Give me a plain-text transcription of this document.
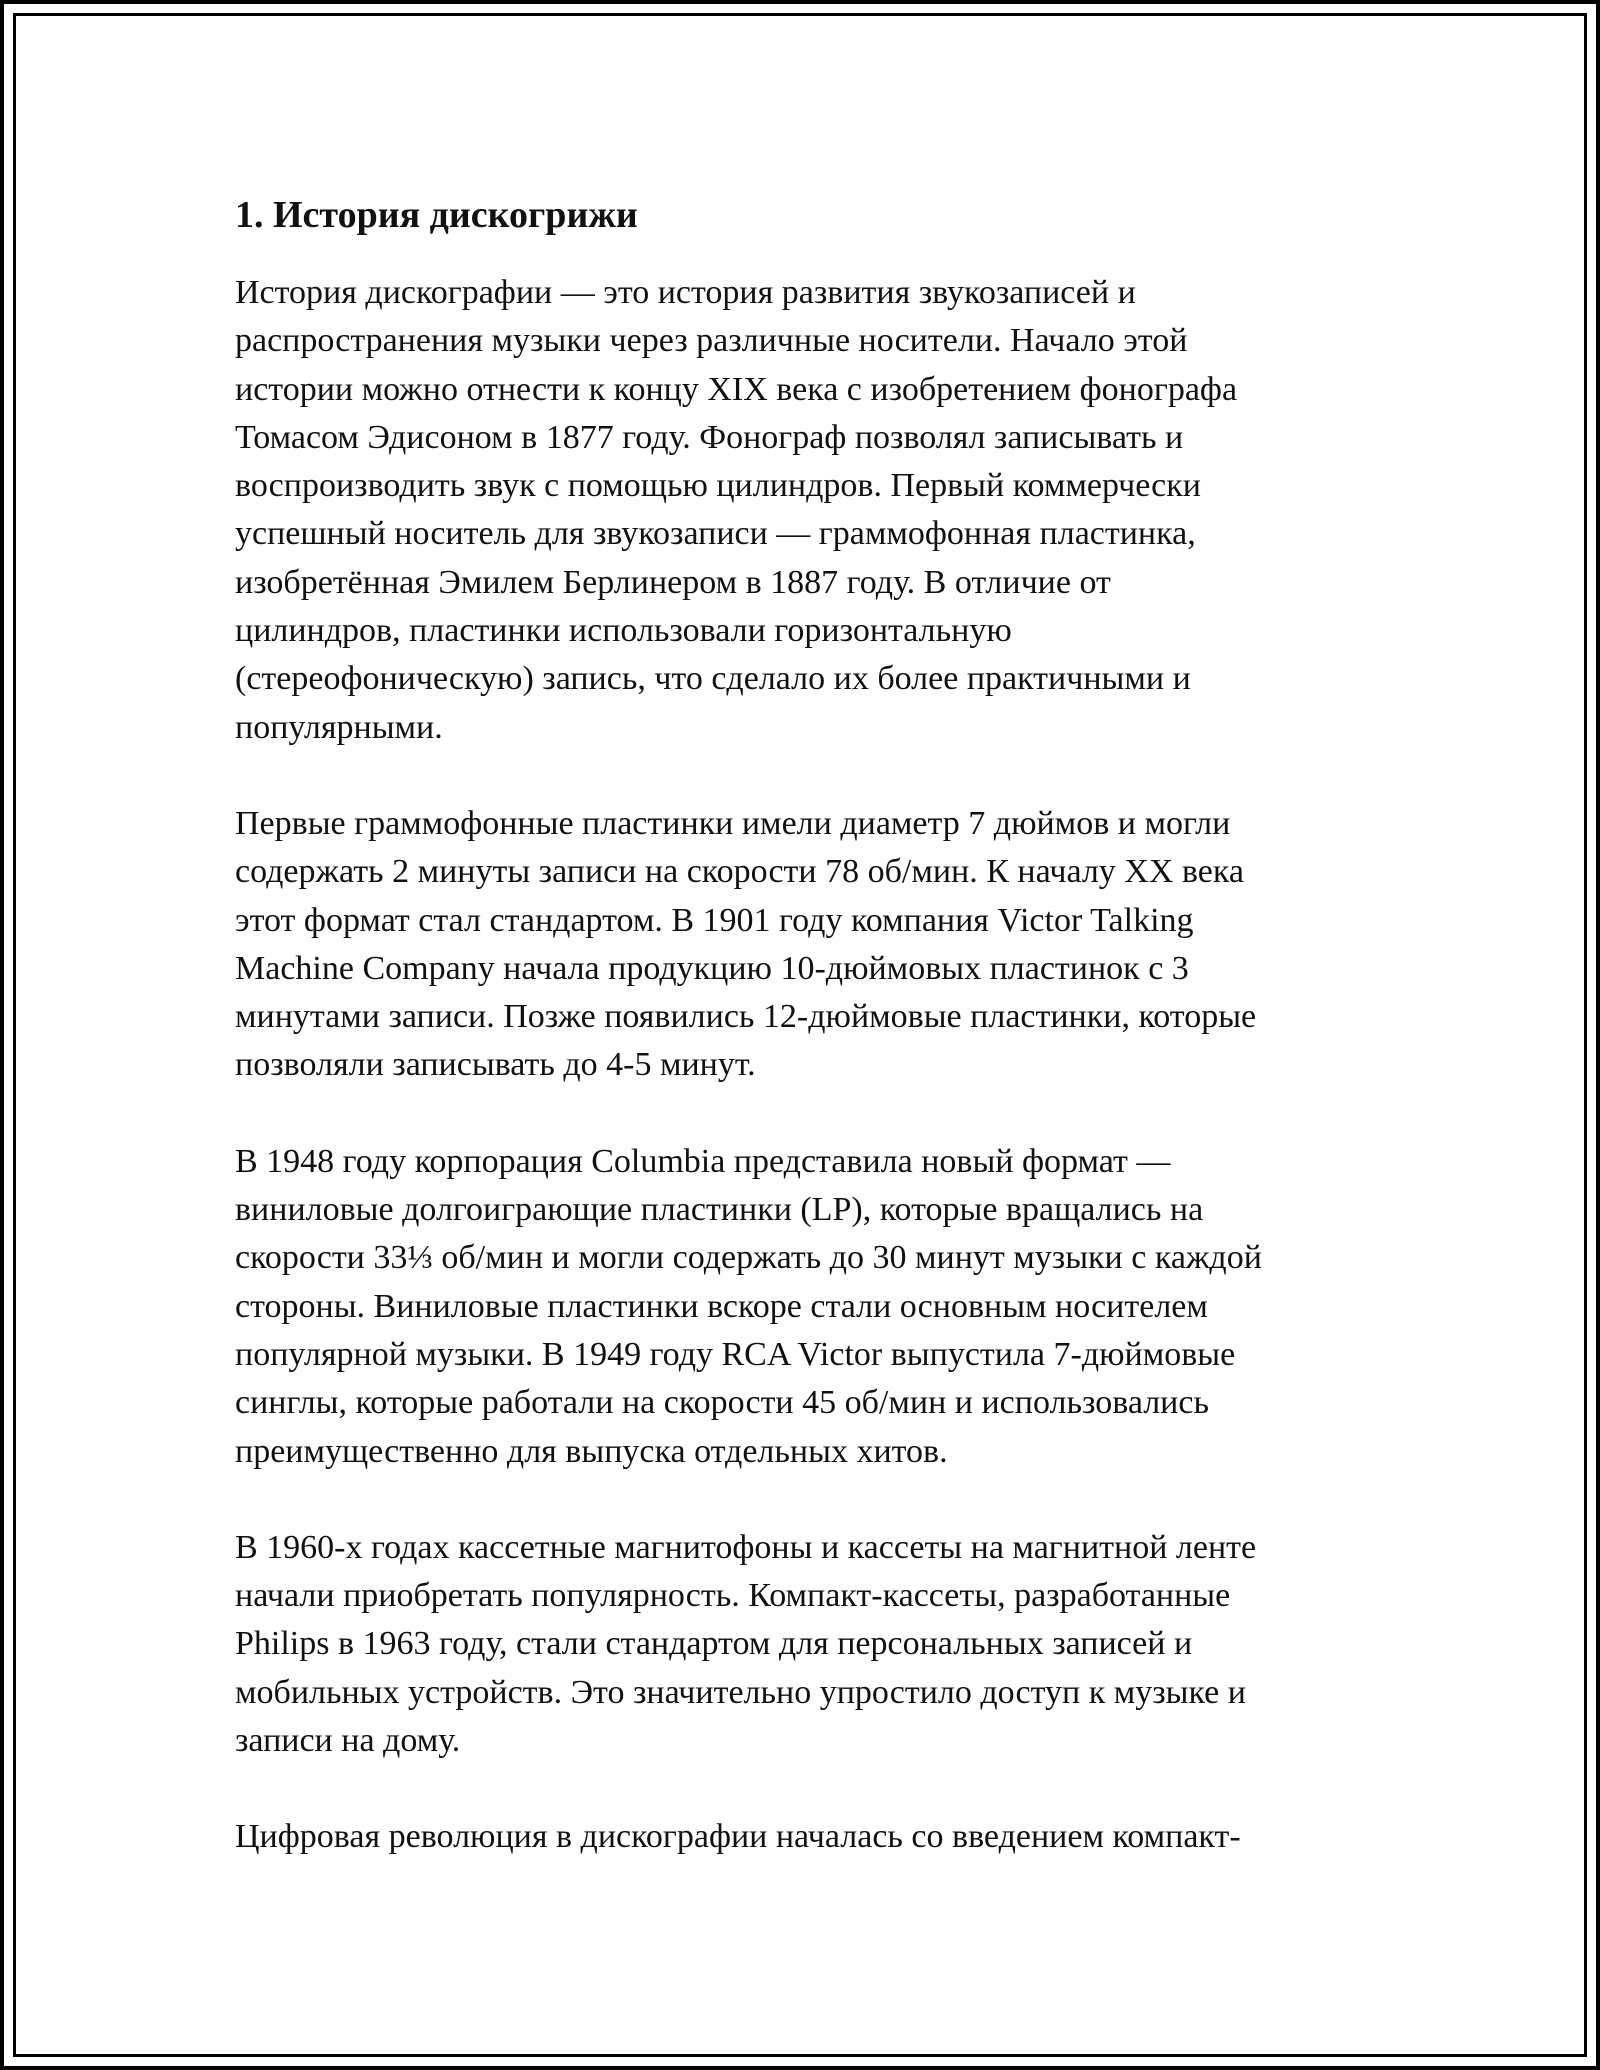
1. История дискогрижи

История дискографии — это история развития звукозаписей и
распространения музыки через различные носители. Начало этой
истории можно отнести к концу XIX века с изобретением фонографа
Томасом Эдисоном в 1877 году. Фонограф позволял записывать и
воспроизводить звук с помощью цилиндров. Первый коммерчески
успешный носитель для звукозаписи — граммофонная пластинка,
изобретённая Эмилем Берлинером в 1887 году. В отличие от
цилиндров, пластинки использовали горизонтальную
(стереофоническую) запись, что сделало их более практичными и
популярными.

Первые граммофонные пластинки имели диаметр 7 дюймов и могли
содержать 2 минуты записи на скорости 78 об/мин. К началу XX века
этот формат стал стандартом. В 1901 году компания Victor Talking
Machine Company начала продукцию 10-дюймовых пластинок с 3
минутами записи. Позже появились 12-дюймовые пластинки, которые
позволяли записывать до 4-5 минут.

В 1948 году корпорация Columbia представила новый формат —
виниловые долгоиграющие пластинки (LP), которые вращались на
скорости 33⅓ об/мин и могли содержать до 30 минут музыки с каждой
стороны. Виниловые пластинки вскоре стали основным носителем
популярной музыки. В 1949 году RCA Victor выпустила 7-дюймовые
синглы, которые работали на скорости 45 об/мин и использовались
преимущественно для выпуска отдельных хитов.

В 1960-х годах кассетные магнитофоны и кассеты на магнитной ленте
начали приобретать популярность. Компакт-кассеты, разработанные
Philips в 1963 году, стали стандартом для персональных записей и
мобильных устройств. Это значительно упростило доступ к музыке и
записи на дому.

Цифровая революция в дискографии началась со введением компакт-
